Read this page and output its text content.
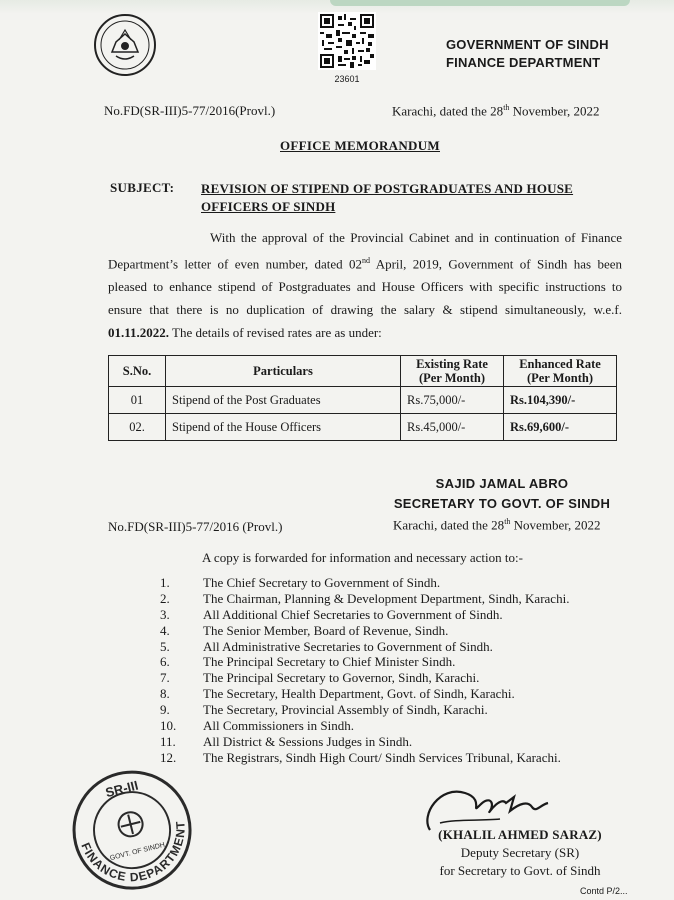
23601
GOVERNMENT OF SINDH
FINANCE DEPARTMENT
No.FD(SR-III)5-77/2016(Provl.)	Karachi, dated the 28th November, 2022
OFFICE MEMORANDUM
SUBJECT: REVISION OF STIPEND OF POSTGRADUATES AND HOUSE OFFICERS OF SINDH
With the approval of the Provincial Cabinet and in continuation of Finance Department’s letter of even number, dated 02nd April, 2019, Government of Sindh has been pleased to enhance stipend of Postgraduates and House Officers with specific instructions to ensure that there is no duplication of drawing the salary & stipend simultaneously, w.e.f. 01.11.2022. The details of revised rates are as under:
S.No.	Particulars	Existing Rate (Per Month)	Enhanced Rate (Per Month)
01	Stipend of the Post Graduates	Rs.75,000/-	Rs.104,390/-
02.	Stipend of the House Officers	Rs.45,000/-	Rs.69,600/-
SAJID JAMAL ABRO
SECRETARY TO GOVT. OF SINDH
No.FD(SR-III)5-77/2016 (Provl.)	Karachi, dated the 28th November, 2022
A copy is forwarded for information and necessary action to:-
1.	The Chief Secretary to Government of Sindh.
2.	The Chairman, Planning & Development Department, Sindh, Karachi.
3.	All Additional Chief Secretaries to Government of Sindh.
4.	The Senior Member, Board of Revenue, Sindh.
5.	All Administrative Secretaries to Government of Sindh.
6.	The Principal Secretary to Chief Minister Sindh.
7.	The Principal Secretary to Governor, Sindh, Karachi.
8.	The Secretary, Health Department, Govt. of Sindh, Karachi.
9.	The Secretary, Provincial Assembly of Sindh, Karachi.
10.	All Commissioners in Sindh.
11.	All District & Sessions Judges in Sindh.
12.	The Registrars, Sindh High Court/ Sindh Services Tribunal, Karachi.
SR-III
FINANCE DEPARTMENT
GOVT. OF SINDH
(KHALIL AHMED SARAZ)
Deputy Secretary (SR)
for Secretary to Govt. of Sindh
Contd P/2...
